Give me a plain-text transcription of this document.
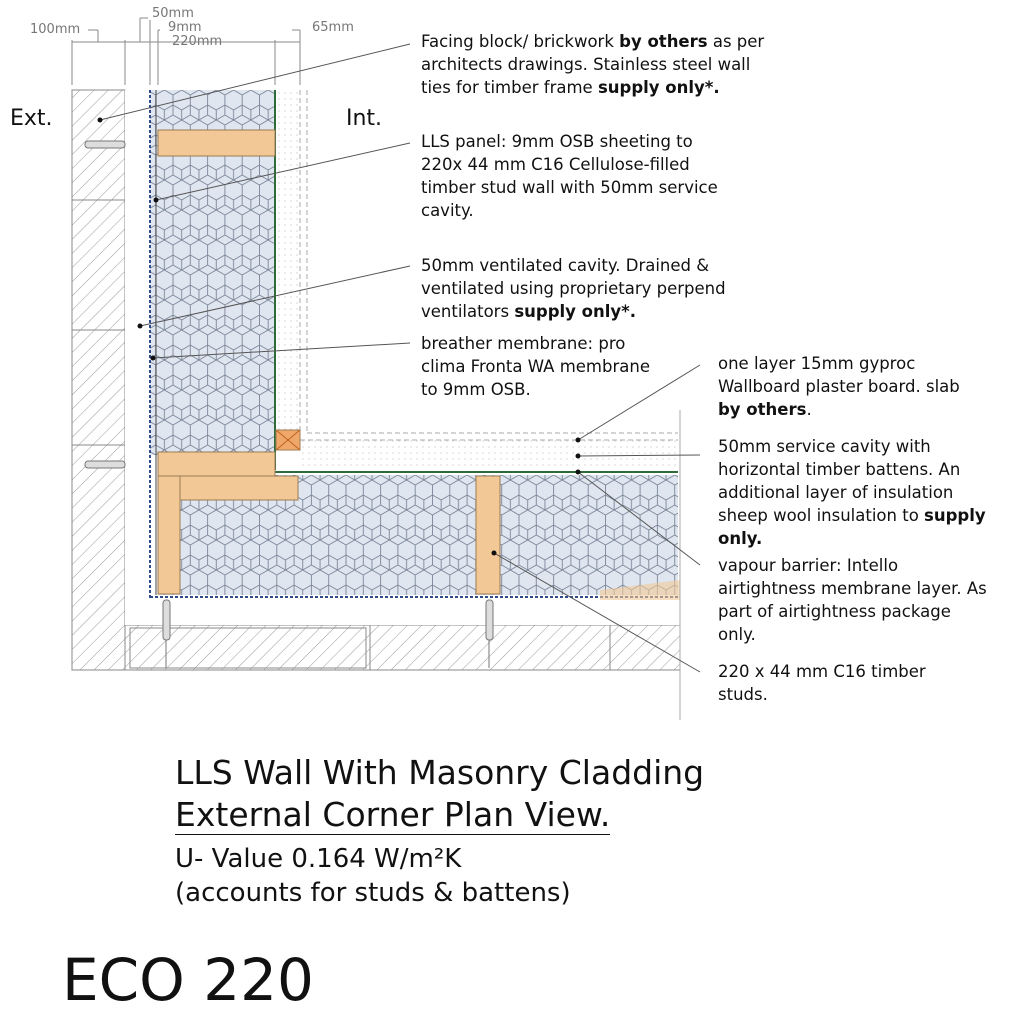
100mm
50mm
9mm
220mm
65mm
Ext.	Int.
Facing block/ brickwork by others as per architects drawings. Stainless steel wall ties for timber frame supply only*.
LLS panel: 9mm OSB sheeting to 220x 44 mm C16 Cellulose-filled timber stud wall with 50mm service cavity.
50mm ventilated cavity. Drained & ventilated using proprietary perpend ventilators supply only*.
breather membrane: pro clima Fronta WA membrane to 9mm OSB.
one layer 15mm gyproc Wallboard plaster board. slab by others.
50mm service cavity with horizontal timber battens. An additional layer of insulation sheep wool insulation to supply only.
vapour barrier: Intello airtightness membrane layer. As part of airtightness package only.
220 x 44 mm C16 timber studs.
LLS Wall With Masonry Cladding
External Corner Plan View.
U- Value 0.164 W/m²K
(accounts for studs & battens)
ECO 220
